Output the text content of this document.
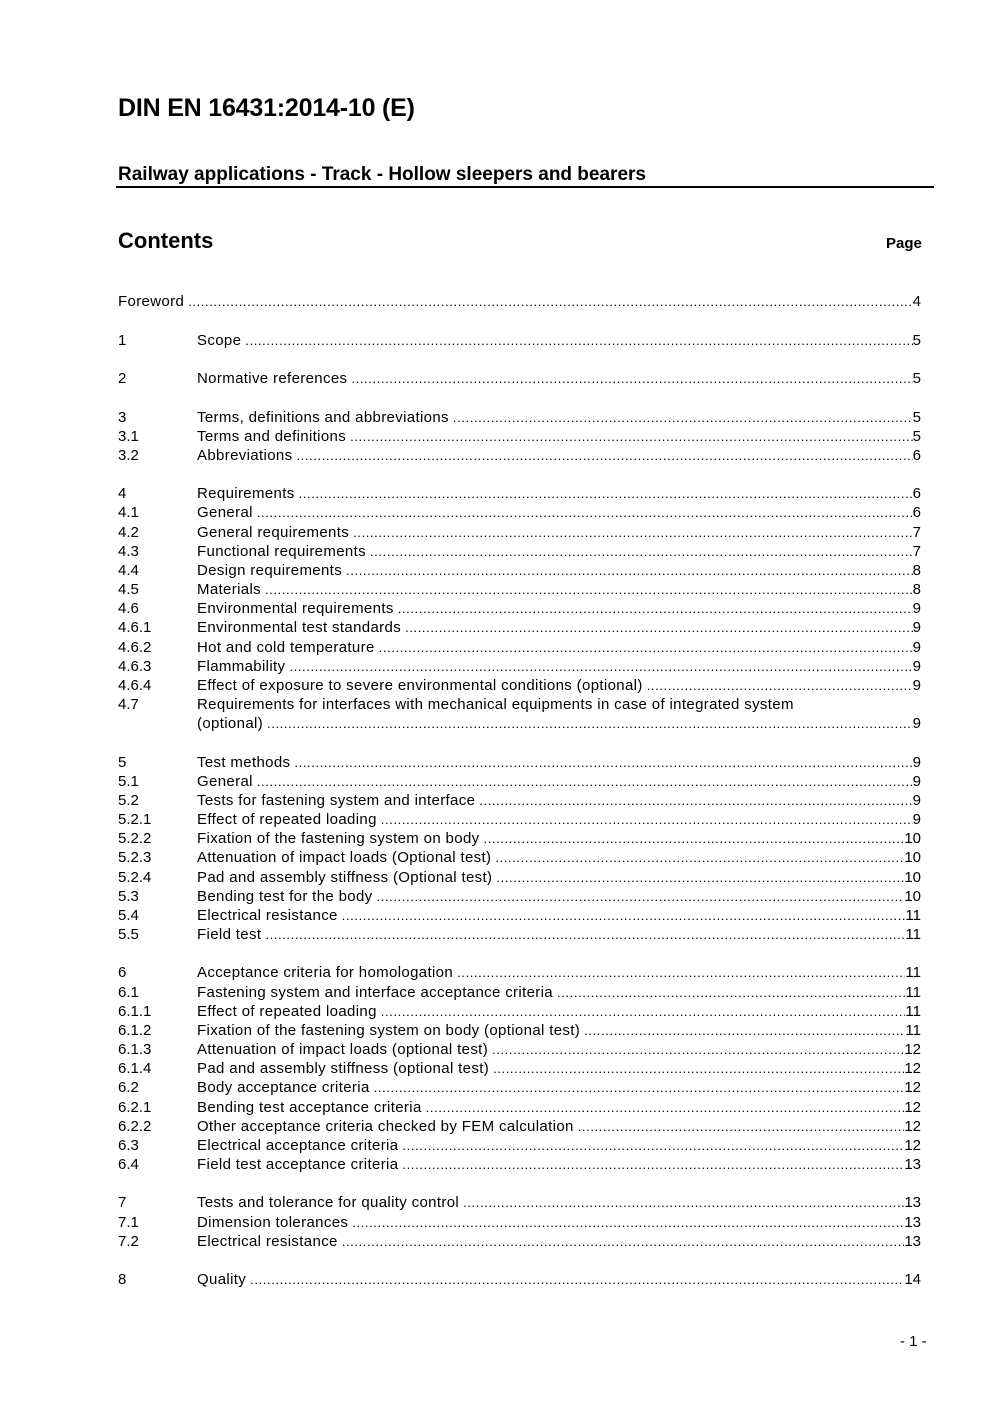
DIN EN 16431:2014-10 (E)
Railway applications - Track - Hollow sleepers and bearers
Contents	Page
Foreword .....	4
1	Scope .....	5
2	Normative references .....	5
3	Terms, definitions and abbreviations .....	5
3.1	Terms and definitions .....	5
3.2	Abbreviations .....	6
4	Requirements .....	6
4.1	General .....	6
4.2	General requirements .....	7
4.3	Functional requirements .....	7
4.4	Design requirements .....	8
4.5	Materials .....	8
4.6	Environmental requirements .....	9
4.6.1	Environmental test standards .....	9
4.6.2	Hot and cold temperature .....	9
4.6.3	Flammability .....	9
4.6.4	Effect of exposure to severe environmental conditions (optional) .....	9
4.7	Requirements for interfaces with mechanical equipments in case of integrated system
(optional) .....	9
5	Test methods .....	9
5.1	General .....	9
5.2	Tests for fastening system and interface .....	9
5.2.1	Effect of repeated loading .....	9
5.2.2	Fixation of the fastening system on body .....	10
5.2.3	Attenuation of impact loads (Optional test) .....	10
5.2.4	Pad and assembly stiffness (Optional test) .....	10
5.3	Bending test for the body .....	10
5.4	Electrical resistance .....	11
5.5	Field test .....	11
6	Acceptance criteria for homologation .....	11
6.1	Fastening system and interface acceptance criteria .....	11
6.1.1	Effect of repeated loading .....	11
6.1.2	Fixation of the fastening system on body (optional test) .....	11
6.1.3	Attenuation of impact loads (optional test) .....	12
6.1.4	Pad and assembly stiffness (optional test) .....	12
6.2	Body acceptance criteria .....	12
6.2.1	Bending test acceptance criteria .....	12
6.2.2	Other acceptance criteria checked by FEM calculation .....	12
6.3	Electrical acceptance criteria .....	12
6.4	Field test acceptance criteria .....	13
7	Tests and tolerance for quality control .....	13
7.1	Dimension tolerances .....	13
7.2	Electrical resistance .....	13
8	Quality .....	14
- 1 -
